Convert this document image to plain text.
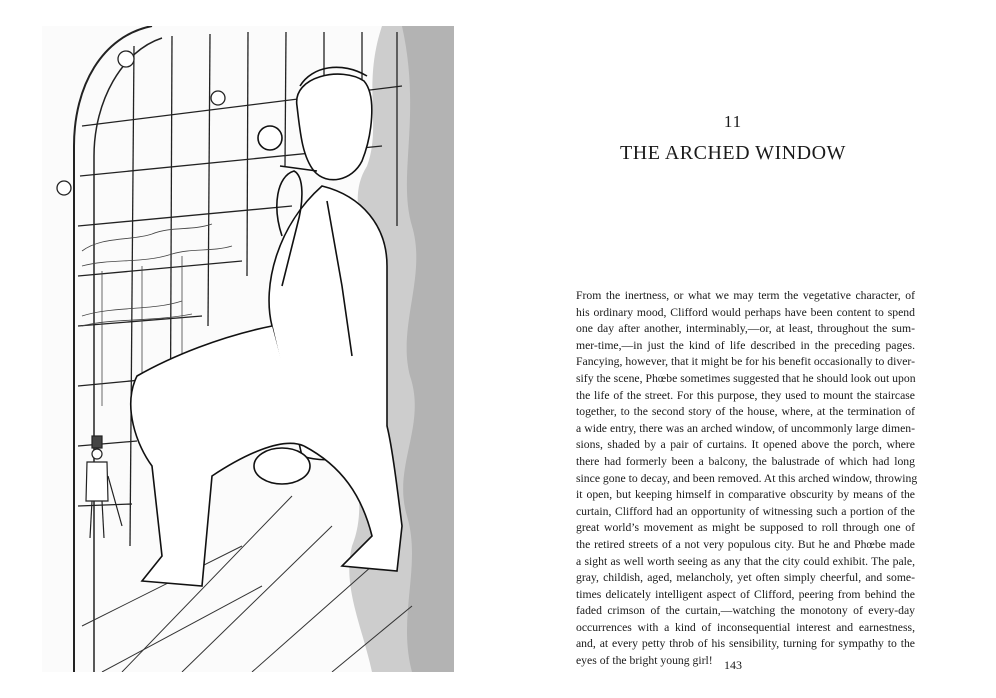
11
THE ARCHED WINDOW
From the inertness, or what we may term the vegetative character, of
his ordinary mood, Clifford would perhaps have been content to spend
one day after another, interminably,—or, at least, throughout the sum-
mer-time,—in just the kind of life described in the preceding pages.
Fancying, however, that it might be for his benefit occasionally to diver-
sify the scene, Phœbe sometimes suggested that he should look out upon
the life of the street. For this purpose, they used to mount the staircase
together, to the second story of the house, where, at the termination of
a wide entry, there was an arched window, of uncommonly large dimen-
sions, shaded by a pair of curtains. It opened above the porch, where
there had formerly been a balcony, the balustrade of which had long
since gone to decay, and been removed. At this arched window, throwing
it open, but keeping himself in comparative obscurity by means of the
curtain, Clifford had an opportunity of witnessing such a portion of the
great world’s movement as might be supposed to roll through one of
the retired streets of a not very populous city. But he and Phœbe made
a sight as well worth seeing as any that the city could exhibit. The pale,
gray, childish, aged, melancholy, yet often simply cheerful, and some-
times delicately intelligent aspect of Clifford, peering from behind the
faded crimson of the curtain,—watching the monotony of every-day
occurrences with a kind of inconsequential interest and earnestness,
and, at every petty throb of his sensibility, turning for sympathy to the
eyes of the bright young girl! 143
